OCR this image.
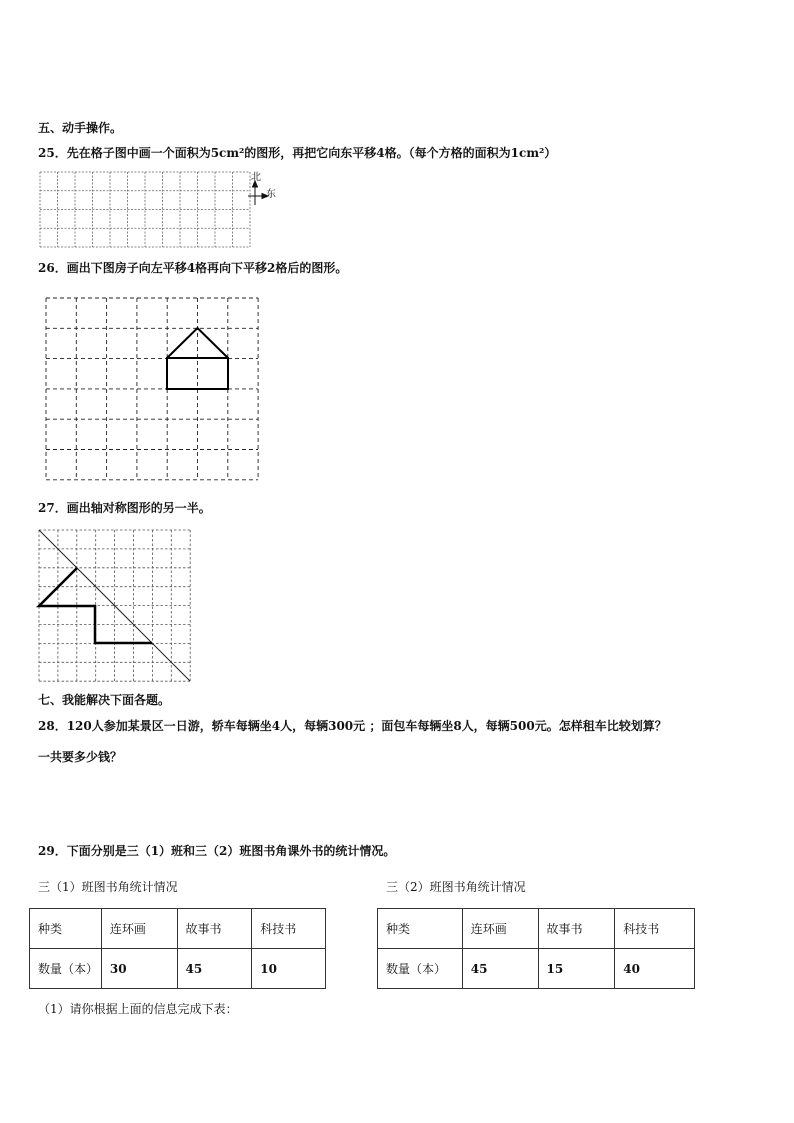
五、动手操作。
25．先在格子图中画一个面积为5cm²的图形，再把它向东平移4格。（每个方格的面积为1cm²）
北
东
26．画出下图房子向左平移4格再向下平移2格后的图形。
27．画出轴对称图形的另一半。
七、我能解决下面各题。
28．120人参加某景区一日游，轿车每辆坐4人，每辆300元 ；面包车每辆坐8人，每辆500元。怎样租车比较划算？
一共要多少钱？
29．下面分别是三（1）班和三（2）班图书角课外书的统计情况。
三（1）班图书角统计情况
种类	连环画	故事书	科技书
数量（本）	30	45	10
三（2）班图书角统计情况
种类	连环画	故事书	科技书
数量（本）	45	15	40
（1）请你根据上面的信息完成下表：
